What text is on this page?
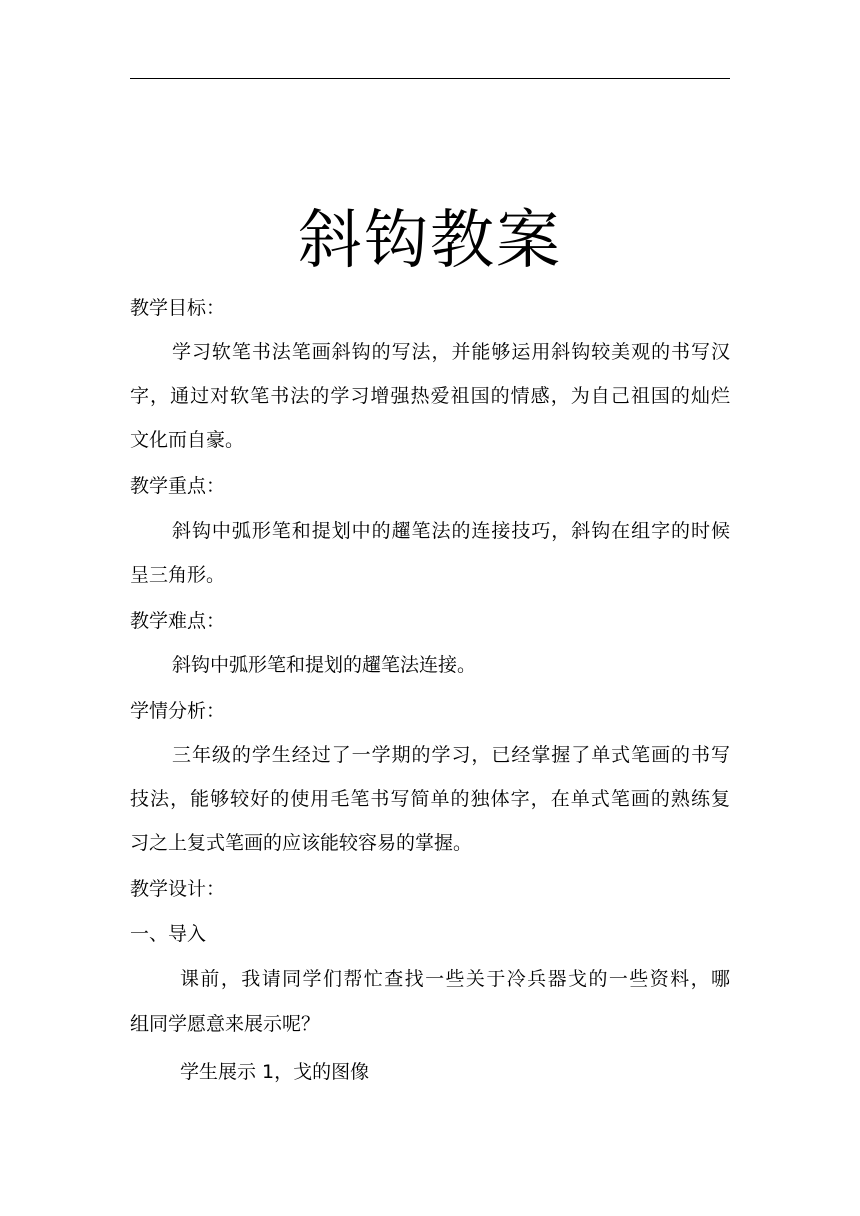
斜钩教案
教学目标：
学习软笔书法笔画斜钩的写法，并能够运用斜钩较美观的书写汉
字，通过对软笔书法的学习增强热爱祖国的情感，为自己祖国的灿烂
文化而自豪。
教学重点：
斜钩中弧形笔和提划中的趯笔法的连接技巧，斜钩在组字的时候
呈三角形。
教学难点：
斜钩中弧形笔和提划的趯笔法连接。
学情分析：
三年级的学生经过了一学期的学习，已经掌握了单式笔画的书写
技法，能够较好的使用毛笔书写简单的独体字，在单式笔画的熟练复
习之上复式笔画的应该能较容易的掌握。
教学设计：
一、导入
课前，我请同学们帮忙查找一些关于冷兵器戈的一些资料，哪
组同学愿意来展示呢？
学生展示 1，戈的图像
